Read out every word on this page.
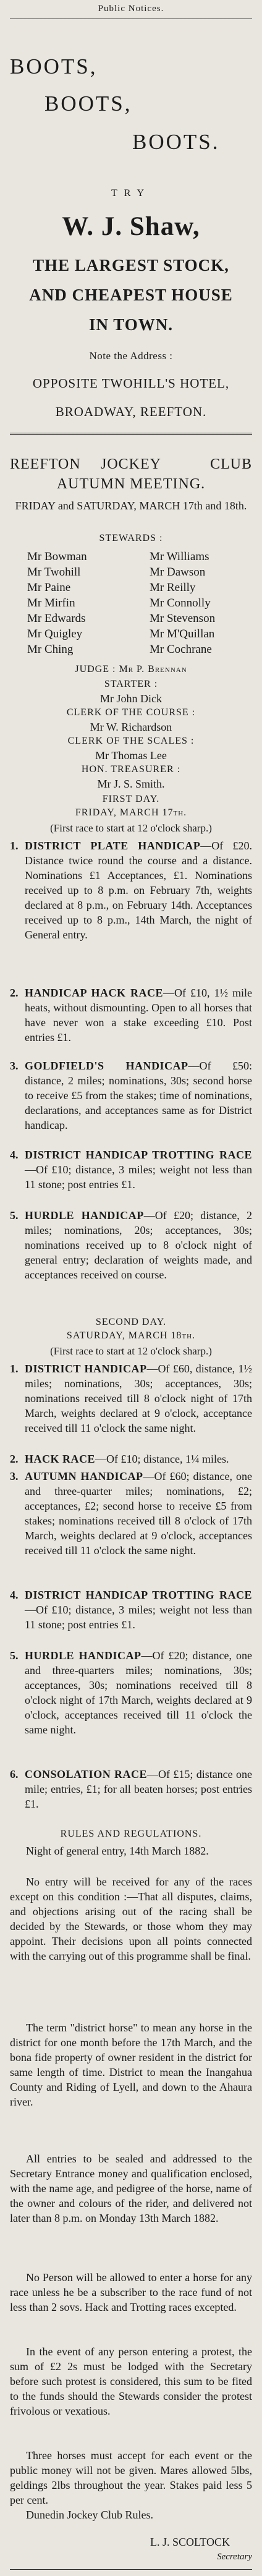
Public Notices.
BOOTS,
BOOTS,
BOOTS.
TRY
W. J. Shaw,
THE LARGEST STOCK,
AND CHEAPEST HOUSE
IN TOWN.
Note the Address :
OPPOSITE TWOHILL'S HOTEL,
BROADWAY, REEFTON.
REEFTON	JOCKEY	CLUB
AUTUMN MEETING.
FRIDAY and SATURDAY, MARCH 17th and 18th.
STEWARDS :
Mr Bowman
Mr Twohill
Mr Paine
Mr Mirfin
Mr Edwards
Mr Quigley
Mr Ching
Mr Williams
Mr Dawson
Mr Reilly
Mr Connolly
Mr Stevenson
Mr M'Quillan
Mr Cochrane
JUDGE : Mr P. Brennan
STARTER :
Mr John Dick
CLERK OF THE COURSE :
Mr W. Richardson
CLERK OF THE SCALES :
Mr Thomas Lee
HON. TREASURER :
Mr J. S. Smith.
FIRST DAY.
FRIDAY, MARCH 17th.
(First race to start at 12 o'clock sharp.)
1. DISTRICT PLATE HANDICAP—Of £20. Distance twice round the course and a distance. Nominations £1 Acceptances, £1. Nominations received up to 8 p.m. on February 7th, weights declared at 8 p.m., on February 14th. Acceptances received up to 8 p.m., 14th March, the night of General entry.
2. HANDICAP HACK RACE—Of £10, 1½ mile heats, without dismounting. Open to all horses that have never won a stake exceeding £10. Post entries £1.
3. GOLDFIELD'S HANDICAP—Of £50: distance, 2 miles; nominations, 30s; second horse to receive £5 from the stakes; time of nominations, declarations, and acceptances same as for District handicap.
4. DISTRICT HANDICAP TROTTING RACE—Of £10; distance, 3 miles; weight not less than 11 stone; post entries £1.
5. HURDLE HANDICAP—Of £20; distance, 2 miles; nominations, 20s; acceptances, 30s; nominations received up to 8 o'clock night of general entry; declaration of weights made, and acceptances received on course.
SECOND DAY.
SATURDAY, MARCH 18th.
(First race to start at 12 o'clock sharp.)
1. DISTRICT HANDICAP—Of £60, distance, 1½ miles; nominations, 30s; acceptances, 30s; nominations received till 8 o'clock night of 17th March, weights declared at 9 o'clock, acceptance received till 11 o'clock the same night.
2. HACK RACE—Of £10; distance, 1¼ miles.
3. AUTUMN HANDICAP—Of £60; distance, one and three-quarter miles; nominations, £2; acceptances, £2; second horse to receive £5 from stakes; nominations received till 8 o'clock of 17th March, weights declared at 9 o'clock, acceptances received till 11 o'clock the same night.
4. DISTRICT HANDICAP TROTTING RACE—Of £10; distance, 3 miles; weight not less than 11 stone; post entries £1.
5. HURDLE HANDICAP—Of £20; distance, one and three-quarters miles; nominations, 30s; acceptances, 30s; nominations received till 8 o'clock night of 17th March, weights declared at 9 o'clock, acceptances received till 11 o'clock the same night.
6. CONSOLATION RACE—Of £15; distance one mile; entries, £1; for all beaten horses; post entries £1.
RULES AND REGULATIONS.
Night of general entry, 14th March 1882.
No entry will be received for any of the races except on this condition :—That all disputes, claims, and objections arising out of the racing shall be decided by the Stewards, or those whom they may appoint. Their decisions upon all points connected with the carrying out of this programme shall be final.
The term "district horse" to mean any horse in the district for one month before the 17th March, and the bona fide property of owner resident in the district for same length of time. District to mean the Inangahua County and Riding of Lyell, and down to the Ahaura river.
All entries to be sealed and addressed to the Secretary Entrance money and qualification enclosed, with the name age, and pedigree of the horse, name of the owner and colours of the rider, and delivered not later than 8 p.m. on Monday 13th March 1882.
No Person will be allowed to enter a horse for any race unless he be a subscriber to the race fund of not less than 2 sovs. Hack and Trotting races excepted.
In the event of any person entering a protest, the sum of £2 2s must be lodged with the Secretary before such protest is considered, this sum to be fited to the funds should the Stewards consider the protest frivolous or vexatious.
Three horses must accept for each event or the public money will not be given. Mares allowed 5lbs, geldings 2lbs throughout the year. Stakes paid less 5 per cent.
Dunedin Jockey Club Rules.
L. J. SCOLTOCK
Secretary
